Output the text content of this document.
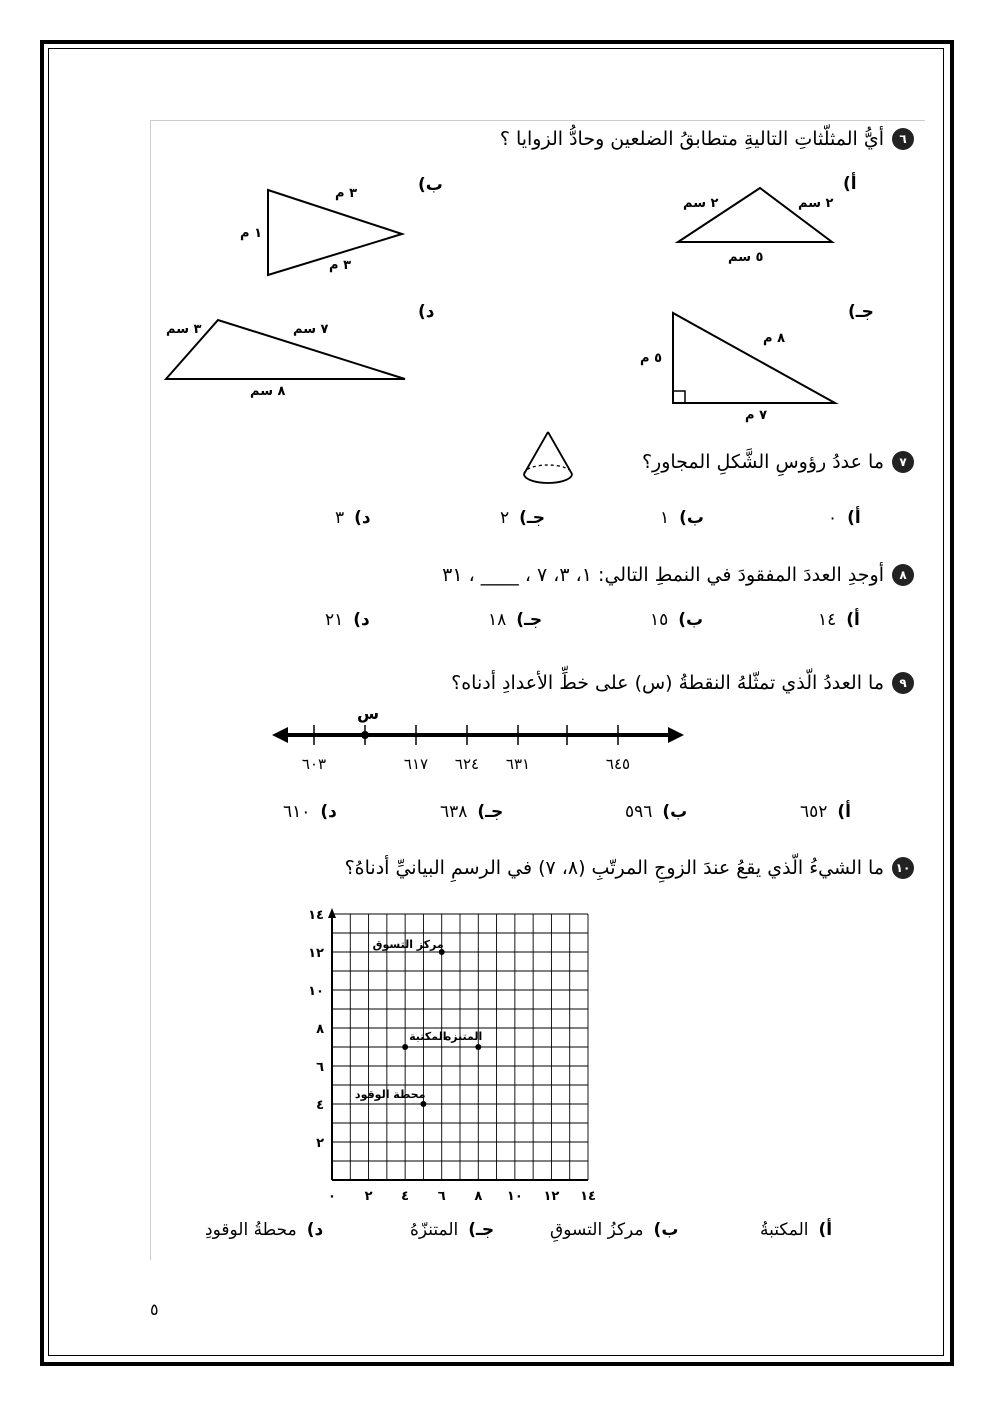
٦
أيُّ المثلّثاتِ التاليةِ متطابقُ الضلعين وحادُّ الزوايا ؟
أ)
٢ سم	٢ سم
٥ سم
ب)
٣ م
٣ م
١ م
جـ)
٥ م
٨ م
٧ م
د)
٣ سم	٧ سم
٨ سم
٧
ما عددُ رؤوسِ الشَّكلِ المجاورِ؟
أ)٠
ب)١
جـ)٢
د)٣
٨
أوجدِ العددَ المفقودَ في النمطِ التالي: ١، ٣، ٧ ، ____ ، ٣١
أ)١٤
ب)١٥
جـ)١٨
د)٢١
٩
ما العددُ الّذي تمثّلهُ النقطةُ (س) على خطِّ الأعدادِ أدناه؟
س
٦٠٣	٦١٧ ٦٢٤ ٦٣١	٦٤٥
أ)٦٥٢
ب)٥٩٦
جـ)٦٣٨
د)٦١٠
١٠
ما الشيءُ الّذي يقعُ عندَ الزوجِ المرتّبِ (٨، ٧) في الرسمِ البيانيِّ أدناهُ؟
٠ ٢ ٤ ٦ ٨ ١٠ ١٢ ١٤
٢
٤
٦
٨
١٠
١٢
١٤
مركز التسوق
المكتبة
المتنزه
محطة الوقود
أ)المكتبةُ
ب)مركزُ التسوقِ
جـ)المتنزّهُ
د)محطةُ الوقودِ
٥
